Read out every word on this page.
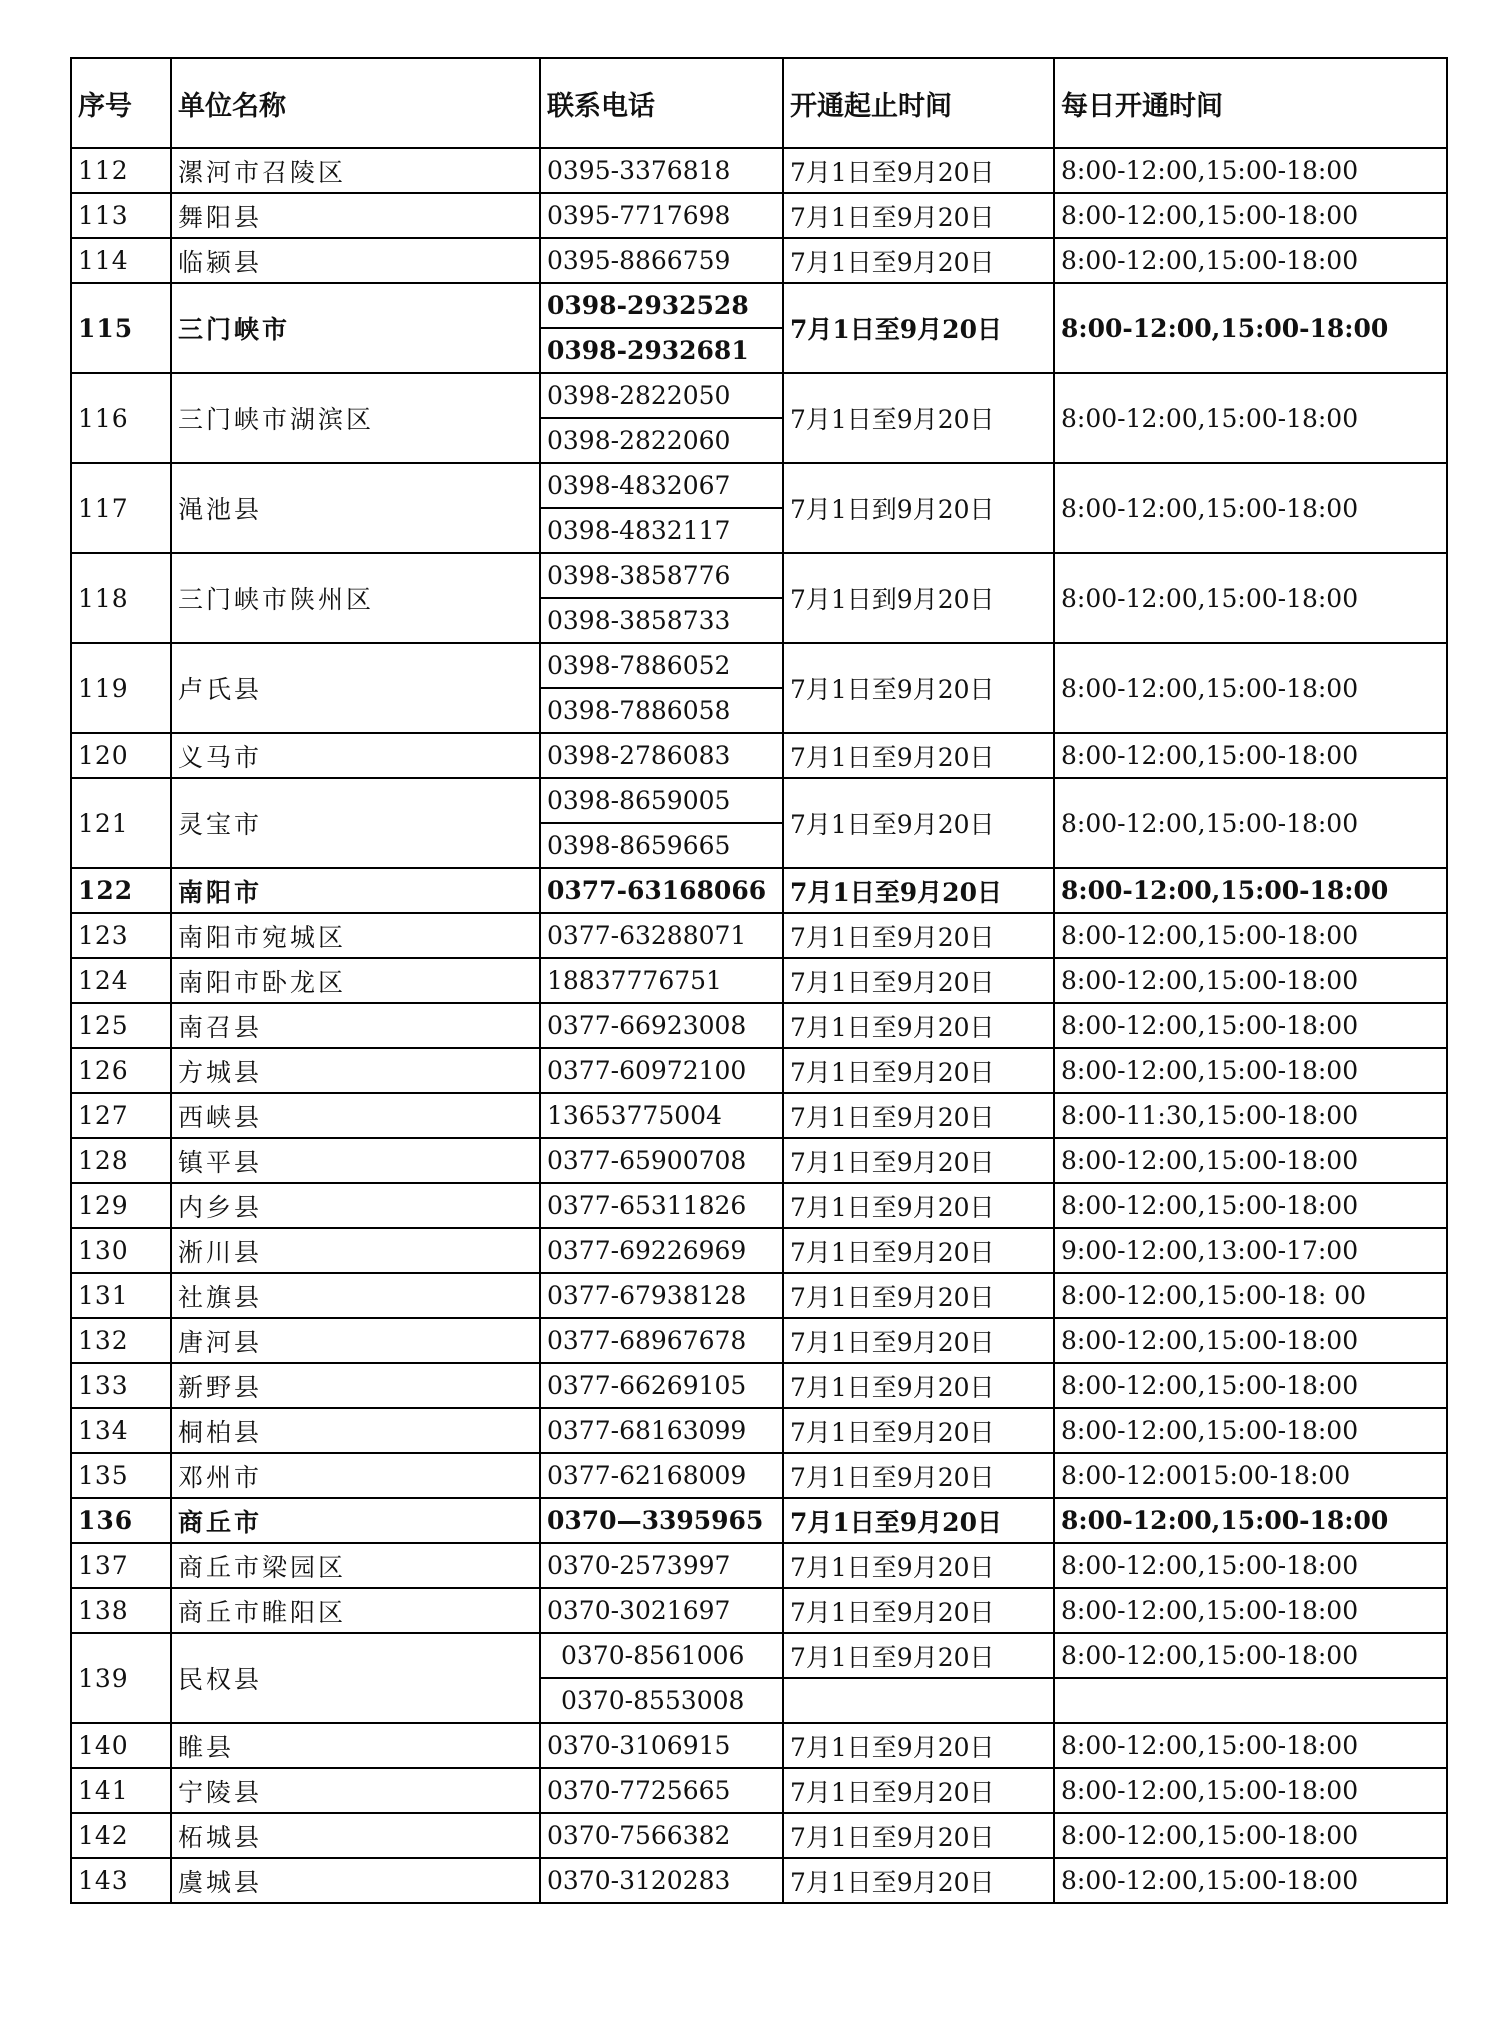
序号	单位名称	联系电话	开通起止时间	每日开通时间
112	漯河市召陵区	0395-3376818	7月1日至9月20日	8:00-12:00,15:00-18:00
113	舞阳县	0395-7717698	7月1日至9月20日	8:00-12:00,15:00-18:00
114	临颍县	0395-8866759	7月1日至9月20日	8:00-12:00,15:00-18:00
115	三门峡市	0398-2932528	7月1日至9月20日	8:00-12:00,15:00-18:00
		0398-2932681		
116	三门峡市湖滨区	0398-2822050	7月1日至9月20日	8:00-12:00,15:00-18:00
		0398-2822060		
117	渑池县	0398-4832067	7月1日到9月20日	8:00-12:00,15:00-18:00
		0398-4832117		
118	三门峡市陕州区	0398-3858776	7月1日到9月20日	8:00-12:00,15:00-18:00
		0398-3858733		
119	卢氏县	0398-7886052	7月1日至9月20日	8:00-12:00,15:00-18:00
		0398-7886058		
120	义马市	0398-2786083	7月1日至9月20日	8:00-12:00,15:00-18:00
121	灵宝市	0398-8659005	7月1日至9月20日	8:00-12:00,15:00-18:00
		0398-8659665		
122	南阳市	0377-63168066	7月1日至9月20日	8:00-12:00,15:00-18:00
123	南阳市宛城区	0377-63288071	7月1日至9月20日	8:00-12:00,15:00-18:00
124	南阳市卧龙区	18837776751	7月1日至9月20日	8:00-12:00,15:00-18:00
125	南召县	0377-66923008	7月1日至9月20日	8:00-12:00,15:00-18:00
126	方城县	0377-60972100	7月1日至9月20日	8:00-12:00,15:00-18:00
127	西峡县	13653775004	7月1日至9月20日	8:00-11:30,15:00-18:00
128	镇平县	0377-65900708	7月1日至9月20日	8:00-12:00,15:00-18:00
129	内乡县	0377-65311826	7月1日至9月20日	8:00-12:00,15:00-18:00
130	淅川县	0377-69226969	7月1日至9月20日	9:00-12:00,13:00-17:00
131	社旗县	0377-67938128	7月1日至9月20日	8:00-12:00,15:00-18: 00
132	唐河县	0377-68967678	7月1日至9月20日	8:00-12:00,15:00-18:00
133	新野县	0377-66269105	7月1日至9月20日	8:00-12:00,15:00-18:00
134	桐柏县	0377-68163099	7月1日至9月20日	8:00-12:00,15:00-18:00
135	邓州市	0377-62168009	7月1日至9月20日	8:00-12:0015:00-18:00
136	商丘市	0370—3395965	7月1日至9月20日	8:00-12:00,15:00-18:00
137	商丘市梁园区	0370-2573997	7月1日至9月20日	8:00-12:00,15:00-18:00
138	商丘市睢阳区	0370-3021697	7月1日至9月20日	8:00-12:00,15:00-18:00
139	民权县	0370-8561006	7月1日至9月20日	8:00-12:00,15:00-18:00
		0370-8553008		
140	睢县	0370-3106915	7月1日至9月20日	8:00-12:00,15:00-18:00
141	宁陵县	0370-7725665	7月1日至9月20日	8:00-12:00,15:00-18:00
142	柘城县	0370-7566382	7月1日至9月20日	8:00-12:00,15:00-18:00
143	虞城县	0370-3120283	7月1日至9月20日	8:00-12:00,15:00-18:00
